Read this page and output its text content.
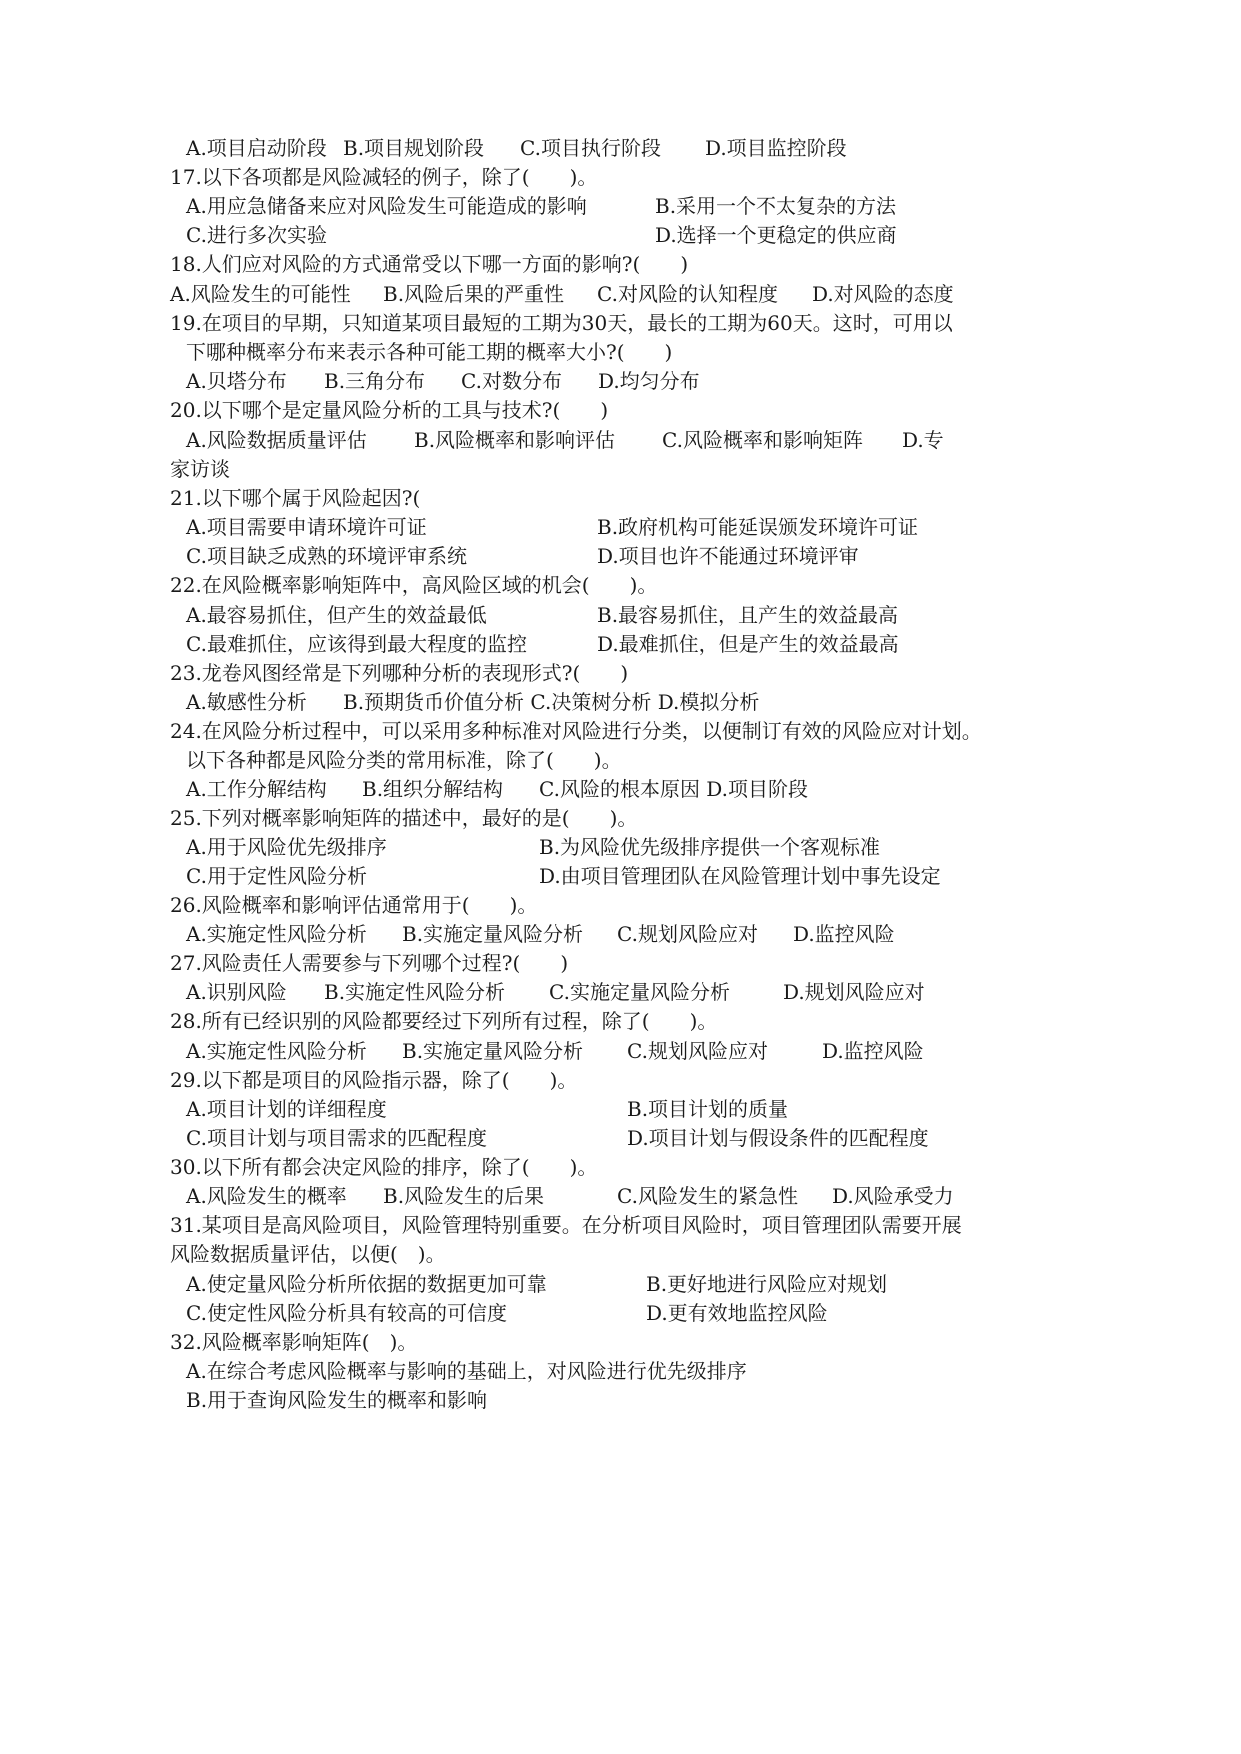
A.项目启动阶段 B.项目规划阶段 C.项目执行阶段 D.项目监控阶段
17.以下各项都是风险减轻的例子，除了(　　)。
A.用应急储备来应对风险发生可能造成的影响	B.采用一个不太复杂的方法
C.进行多次实验	D.选择一个更稳定的供应商
18.人们应对风险的方式通常受以下哪一方面的影响?(　　)
A.风险发生的可能性 B.风险后果的严重性 C.对风险的认知程度 D.对风险的态度
19.在项目的早期，只知道某项目最短的工期为30天，最长的工期为60天。这时，可用以
下哪种概率分布来表示各种可能工期的概率大小?(　　)
A.贝塔分布 B.三角分布 C.对数分布 D.均匀分布
20.以下哪个是定量风险分析的工具与技术?(　　)
A.风险数据质量评估 B.风险概率和影响评估 C.风险概率和影响矩阵 D.专
家访谈
21.以下哪个属于风险起因?(
A.项目需要申请环境许可证	B.政府机构可能延误颁发环境许可证
C.项目缺乏成熟的环境评审系统	D.项目也许不能通过环境评审
22.在风险概率影响矩阵中，高风险区域的机会(　　)。
A.最容易抓住，但产生的效益最低	B.最容易抓住，且产生的效益最高
C.最难抓住，应该得到最大程度的监控	D.最难抓住，但是产生的效益最高
23.龙卷风图经常是下列哪种分析的表现形式?(　　)
A.敏感性分析 B.预期货币价值分析 C.决策树分析 D.模拟分析
24.在风险分析过程中，可以采用多种标准对风险进行分类，以便制订有效的风险应对计划。
以下各种都是风险分类的常用标准，除了(　　)。
A.工作分解结构 B.组织分解结构 C.风险的根本原因 D.项目阶段
25.下列对概率影响矩阵的描述中，最好的是(　　)。
A.用于风险优先级排序	B.为风险优先级排序提供一个客观标准
C.用于定性风险分析	D.由项目管理团队在风险管理计划中事先设定
26.风险概率和影响评估通常用于(　　)。
A.实施定性风险分析 B.实施定量风险分析 C.规划风险应对 D.监控风险
27.风险责任人需要参与下列哪个过程?(　　)
A.识别风险 B.实施定性风险分析 C.实施定量风险分析	D.规划风险应对
28.所有已经识别的风险都要经过下列所有过程，除了(　　)。
A.实施定性风险分析 B.实施定量风险分析 C.规划风险应对	D.监控风险
29.以下都是项目的风险指示器，除了(　　)。
A.项目计划的详细程度	B.项目计划的质量
C.项目计划与项目需求的匹配程度	D.项目计划与假设条件的匹配程度
30.以下所有都会决定风险的排序，除了(　　)。
A.风险发生的概率 B.风险发生的后果	C.风险发生的紧急性 D.风险承受力
31.某项目是高风险项目，风险管理特别重要。在分析项目风险时，项目管理团队需要开展
风险数据质量评估，以便(　)。
A.使定量风险分析所依据的数据更加可靠	B.更好地进行风险应对规划
C.使定性风险分析具有较高的可信度	D.更有效地监控风险
32.风险概率影响矩阵(　)。
A.在综合考虑风险概率与影响的基础上，对风险进行优先级排序
B.用于查询风险发生的概率和影响
